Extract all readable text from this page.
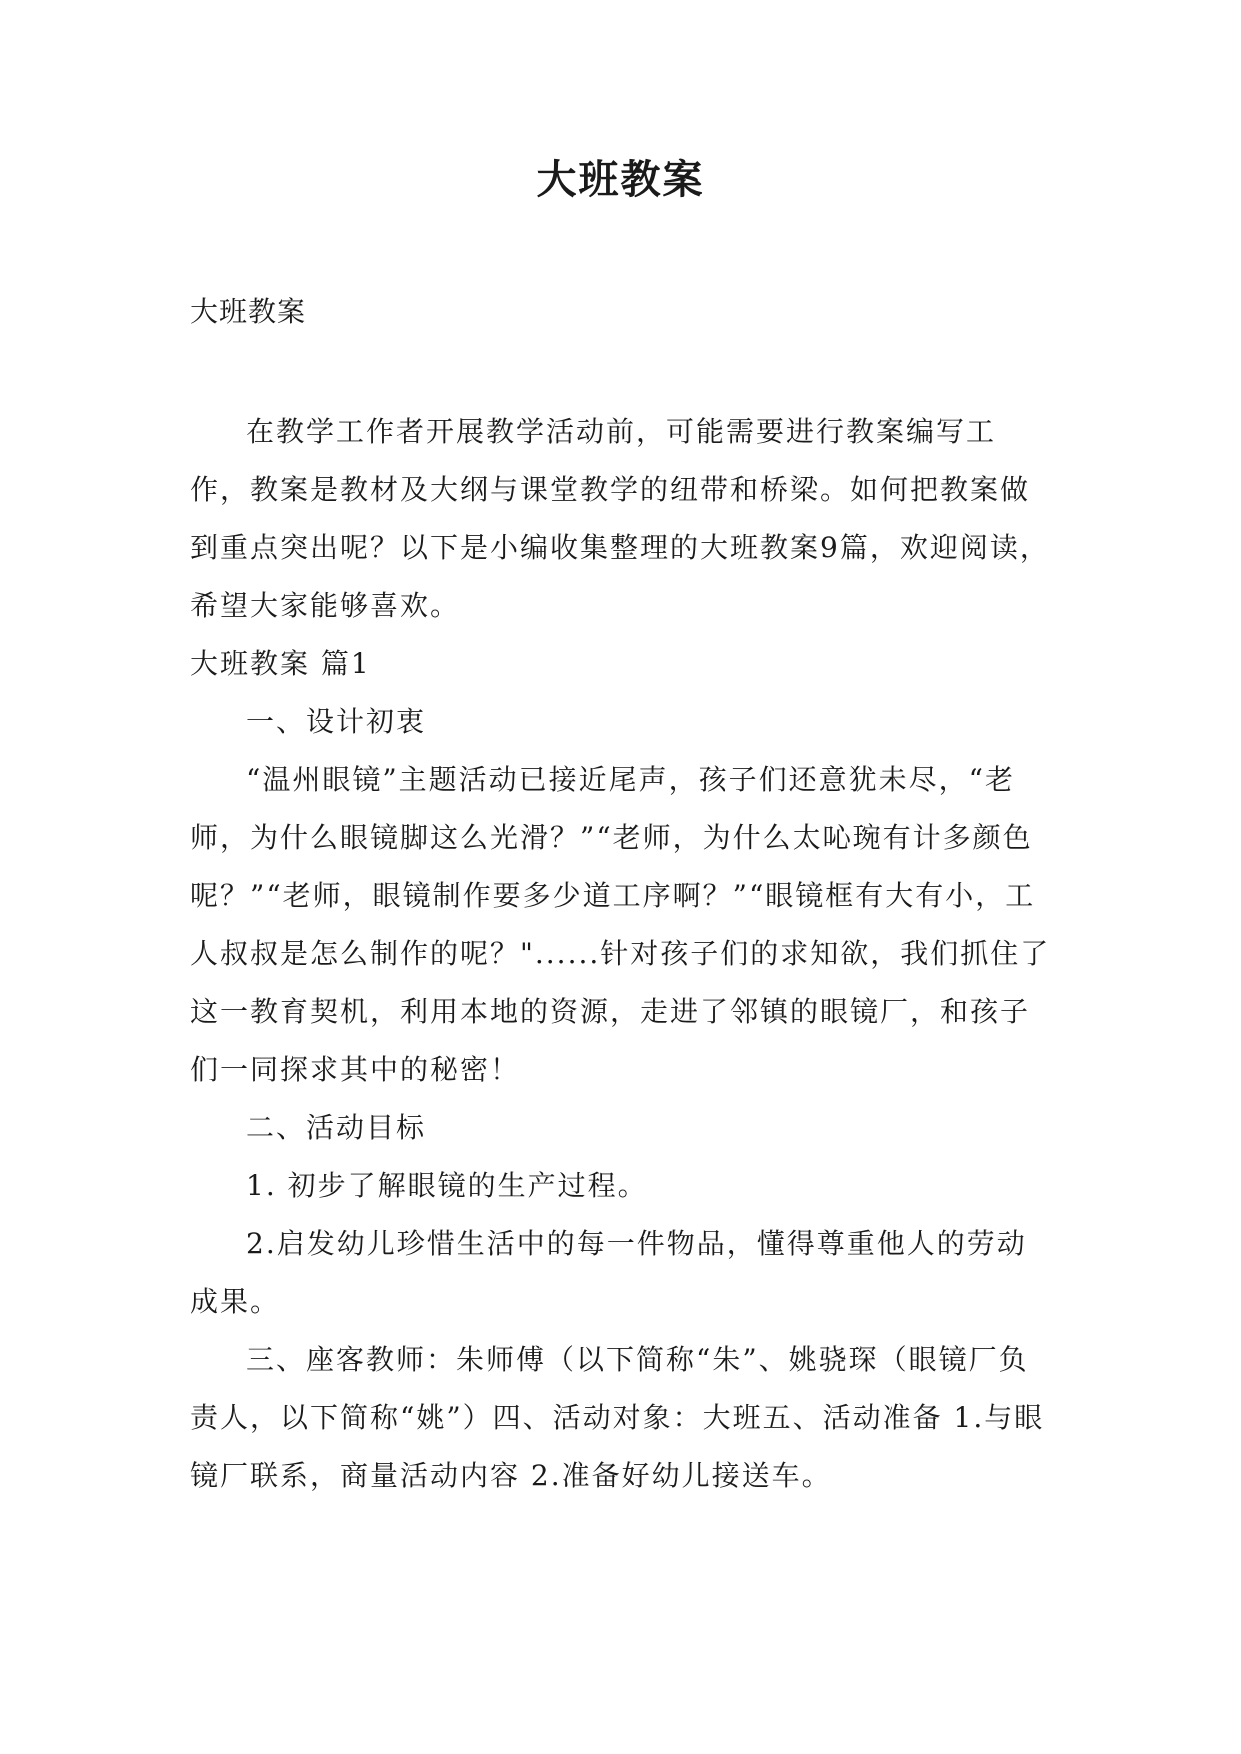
大班教案

大班教案

在教学工作者开展教学活动前，可能需要进行教案编写工作，教案是教材及大纲与课堂教学的纽带和桥梁。如何把教案做到重点突出呢？以下是小编收集整理的大班教案9篇，欢迎阅读，希望大家能够喜欢。

大班教案 篇1

一、设计初衷

“温州眼镜”主题活动已接近尾声，孩子们还意犹未尽，“老师，为什么眼镜脚这么光滑？”“老师，为什么太吣琬有计多颜色呢？”“老师，眼镜制作要多少道工序啊？”“眼镜框有大有小，工人叔叔是怎么制作的呢？"......针对孩子们的求知欲，我们抓住了这一教育契机，利用本地的资源，走进了邻镇的眼镜厂，和孩子们一同探求其中的秘密！

二、活动目标

1. 初步了解眼镜的生产过程。

2.启发幼儿珍惜生活中的每一件物品，懂得尊重他人的劳动成果。

三、座客教师：朱师傅（以下简称“朱”、姚骁琛（眼镜厂负责人，以下简称“姚”）四、活动对象：大班五、活动准备 1.与眼镜厂联系，商量活动内容 2.准备好幼儿接送车。
